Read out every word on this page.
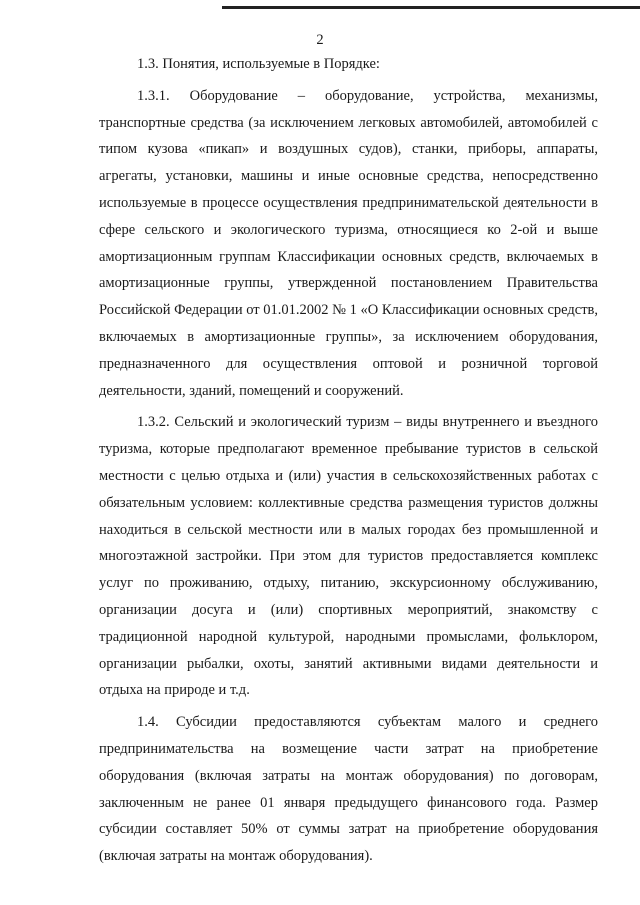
2

1.3. Понятия, используемые в Порядке:

1.3.1. Оборудование – оборудование, устройства, механизмы, транспортные средства (за исключением легковых автомобилей, автомобилей с типом кузова «пикап» и воздушных судов), станки, приборы, аппараты, агрегаты, установки, машины и иные основные средства, непосредственно используемые в процессе осуществления предпринимательской деятельности в сфере сельского и экологического туризма, относящиеся ко 2-ой и выше амортизационным группам Классификации основных средств, включаемых в амортизационные группы, утвержденной постановлением Правительства Российской Федерации от 01.01.2002 № 1 «О Классификации основных средств, включаемых в амортизационные группы», за исключением оборудования, предназначенного для осуществления оптовой и розничной торговой деятельности, зданий, помещений и сооружений.

1.3.2. Сельский и экологический туризм – виды внутреннего и въездного туризма, которые предполагают временное пребывание туристов в сельской местности с целью отдыха и (или) участия в сельскохозяйственных работах с обязательным условием: коллективные средства размещения туристов должны находиться в сельской местности или в малых городах без промышленной и многоэтажной застройки. При этом для туристов предоставляется комплекс услуг по проживанию, отдыху, питанию, экскурсионному обслуживанию, организации досуга и (или) спортивных мероприятий, знакомству с традиционной народной культурой, народными промыслами, фольклором, организации рыбалки, охоты, занятий активными видами деятельности и отдыха на природе и т.д.

1.4. Субсидии предоставляются субъектам малого и среднего предпринимательства на возмещение части затрат на приобретение оборудования (включая затраты на монтаж оборудования) по договорам, заключенным не ранее 01 января предыдущего финансового года. Размер субсидии составляет 50% от суммы затрат на приобретение оборудования (включая затраты на монтаж оборудования).
